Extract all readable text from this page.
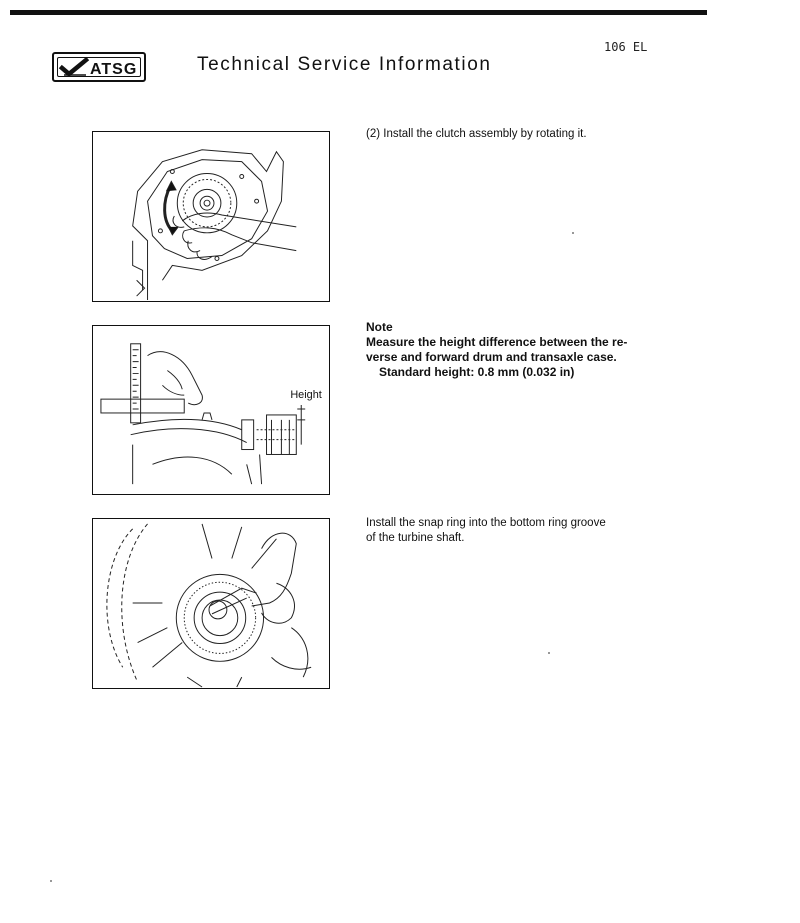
ATSG	Technical Service Information
106 EL
Height
(2) Install the clutch assembly by rotating it.
Note
Measure the height difference between the re-
verse and forward drum and transaxle case.
Standard height: 0.8 mm (0.032 in)
Install the snap ring into the bottom ring groove
of the turbine shaft.
